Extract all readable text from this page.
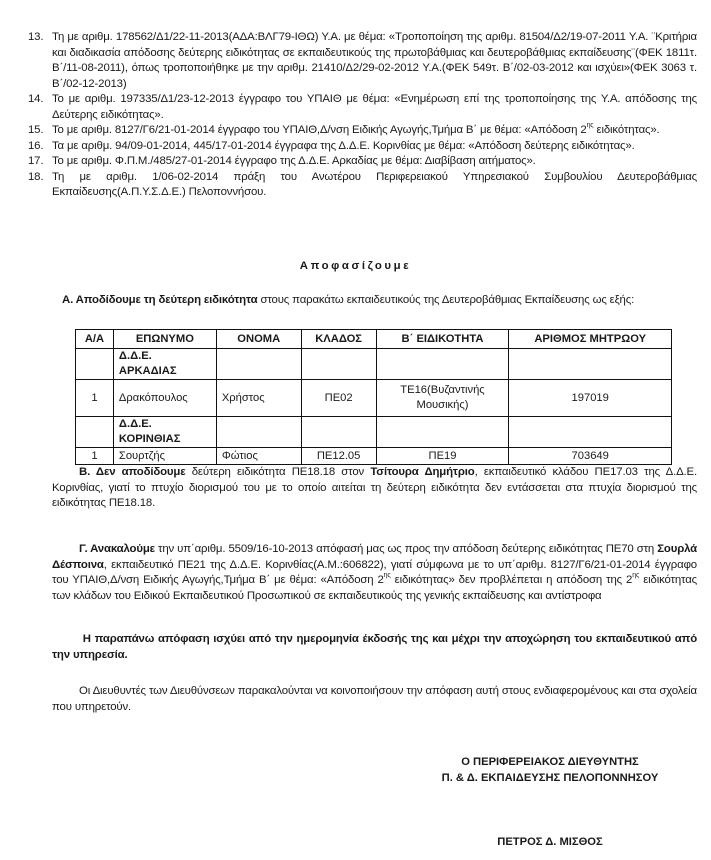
13. Τη με αριθμ. 178562/Δ1/22-11-2013(ΑΔΑ:ΒΛΓ79-ΙΘΩ) Υ.Α. με θέμα: «Τροποποίηση της αριθμ. 81504/Δ2/19-07-2011 Υ.Α. ¨Κριτήρια και διαδικασία απόδοσης δεύτερης ειδικότητας σε εκπαιδευτικούς της πρωτοβάθμιας και δευτεροβάθμιας εκπαίδευσης¨(ΦΕΚ 1811τ. Β΄/11-08-2011), όπως τροποποιήθηκε με την αριθμ. 21410/Δ2/29-02-2012 Υ.Α.(ΦΕΚ 549τ. Β΄/02-03-2012 και ισχύει»(ΦΕΚ 3063 τ. Β΄/02-12-2013)
14. Το με αριθμ. 197335/Δ1/23-12-2013 έγγραφο του ΥΠΑΙΘ με θέμα: «Ενημέρωση επί της τροποποίησης της Υ.Α. απόδοσης της Δεύτερης ειδικότητας».
15. Το με αριθμ. 8127/Γ6/21-01-2014 έγγραφο του ΥΠΑΙΘ,Δ/νση Ειδικής Αγωγής,Τμήμα Β΄ με θέμα: «Απόδοση $2^{\eta\varsigma}$ ειδικότητας».
16. Τα με αριθμ. 94/09-01-2014, 445/17-01-2014 έγγραφα της Δ.Δ.Ε. Κορινθίας με θέμα: «Απόδοση δεύτερης ειδικότητας».
17. Το με αριθμ. Φ.Π.Μ./485/27-01-2014 έγγραφο της Δ.Δ.Ε. Αρκαδίας με θέμα: Διαβίβαση αιτήματος».
18. Τη με αριθμ. 1/06-02-2014 πράξη του Ανωτέρου Περιφερειακού Υπηρεσιακού Συμβουλίου Δευτεροβάθμιας Εκπαίδευσης(Α.Π.Υ.Σ.Δ.Ε.) Πελοποννήσου.
Αποφασίζουμε
Α. Αποδίδουμε τη δεύτερη ειδικότητα στους παρακάτω εκπαιδευτικούς της Δευτεροβάθμιας Εκπαίδευσης ως εξής:
Α/Α	ΕΠΩΝΥΜΟ	ΟΝΟΜΑ	ΚΛΑΔΟΣ	Β΄ ΕΙΔΙΚΟΤΗΤΑ	ΑΡΙΘΜΟΣ ΜΗΤΡΩΟΥ
	Δ.Δ.Ε. ΑΡΚΑΔΙΑΣ				
1	Δρακόπουλος	Χρήστος	ΠΕ02	ΤΕ16(Βυζαντινής Μουσικής)	197019
	Δ.Δ.Ε. ΚΟΡΙΝΘΙΑΣ				
1	Σουρτζής	Φώτιος	ΠΕ12.05	ΠΕ19	703649
Β. Δεν αποδίδουμε δεύτερη ειδικότητα ΠΕ18.18 στον Τσίτουρα Δημήτριο, εκπαιδευτικό κλάδου ΠΕ17.03 της Δ.Δ.Ε. Κορινθίας, γιατί το πτυχίο διορισμού του με το οποίο αιτείται τη δεύτερη ειδικότητα δεν εντάσσεται στα πτυχία διορισμού της ειδικότητας ΠΕ18.18.
Γ. Ανακαλούμε την υπ΄αριθμ. 5509/16-10-2013 απόφασή μας ως προς την απόδοση δεύτερης ειδικότητας ΠΕ70 στη Σουρλά Δέσποινα, εκπαιδευτικό ΠΕ21 της Δ.Δ.Ε. Κορινθίας(Α.Μ.:606822), γιατί σύμφωνα με το υπ΄αριθμ. 8127/Γ6/21-01-2014 έγγραφο του ΥΠΑΙΘ,Δ/νση Ειδικής Αγωγής,Τμήμα Β΄ με θέμα: «Απόδοση $2^{\eta\varsigma}$ ειδικότητας» δεν προβλέπεται η απόδοση της $2^{\eta\varsigma}$ ειδικότητας των κλάδων του Ειδικού Εκπαιδευτικού Προσωπικού σε εκπαιδευτικούς της γενικής εκπαίδευσης και αντίστροφα
Η παραπάνω απόφαση ισχύει από την ημερομηνία έκδοσής της και μέχρι την αποχώρηση του εκπαιδευτικού από την υπηρεσία.
Οι Διευθυντές των Διευθύνσεων παρακαλούνται να κοινοποιήσουν την απόφαση αυτή στους ενδιαφερομένους και στα σχολεία που υπηρετούν.
Ο ΠΕΡΙΦΕΡΕΙΑΚΟΣ ΔΙΕΥΘΥΝΤΗΣ
Π. & Δ. ΕΚΠΑΙΔΕΥΣΗΣ ΠΕΛΟΠΟΝΝΗΣΟΥ
ΠΕΤΡΟΣ Δ. ΜΙΣΘΟΣ
